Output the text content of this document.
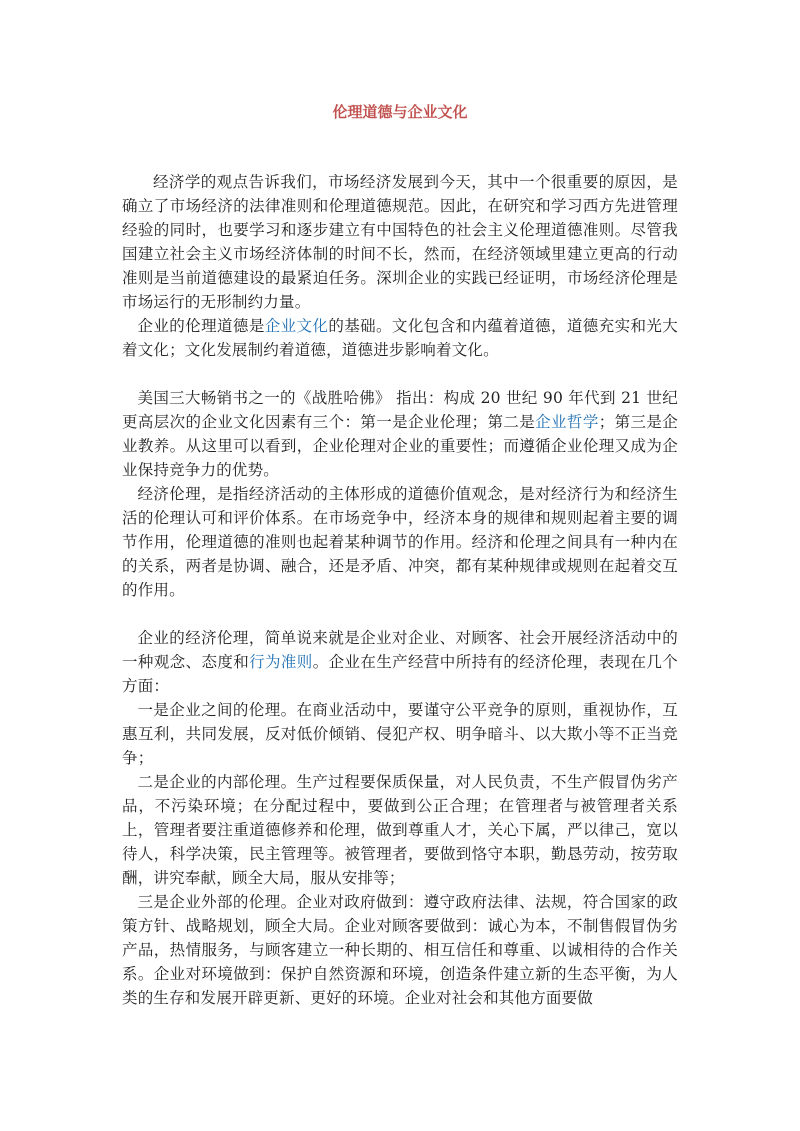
伦理道德与企业文化

经济学的观点告诉我们，市场经济发展到今天，其中一个很重要的原因，是确立了市场经济的法律准则和伦理道德规范。因此，在研究和学习西方先进管理经验的同时，也要学习和逐步建立有中国特色的社会主义伦理道德准则。尽管我国建立社会主义市场经济体制的时间不长，然而，在经济领域里建立更高的行动准则是当前道德建设的最紧迫任务。深圳企业的实践已经证明，市场经济伦理是市场运行的无形制约力量。

企业的伦理道德是企业文化的基础。文化包含和内蕴着道德，道德充实和光大着文化；文化发展制约着道德，道德进步影响着文化。

美国三大畅销书之一的《战胜哈佛》 指出：构成 20 世纪 90 年代到 21 世纪更高层次的企业文化因素有三个：第一是企业伦理；第二是企业哲学；第三是企业教养。从这里可以看到，企业伦理对企业的重要性；而遵循企业伦理又成为企业保持竞争力的优势。

经济伦理，是指经济活动的主体形成的道德价值观念，是对经济行为和经济生活的伦理认可和评价体系。在市场竞争中，经济本身的规律和规则起着主要的调节作用，伦理道德的准则也起着某种调节的作用。经济和伦理之间具有一种内在的关系，两者是协调、融合，还是矛盾、冲突，都有某种规律或规则在起着交互的作用。

企业的经济伦理，简单说来就是企业对企业、对顾客、社会开展经济活动中的一种观念、态度和行为准则。企业在生产经营中所持有的经济伦理，表现在几个方面：

一是企业之间的伦理。在商业活动中，要谨守公平竞争的原则，重视协作，互惠互利，共同发展，反对低价倾销、侵犯产权、明争暗斗、以大欺小等不正当竞争；

二是企业的内部伦理。生产过程要保质保量，对人民负责，不生产假冒伪劣产品，不污染环境；在分配过程中，要做到公正合理；在管理者与被管理者关系上，管理者要注重道德修养和伦理，做到尊重人才，关心下属，严以律己，宽以待人，科学决策，民主管理等。被管理者，要做到恪守本职，勤恳劳动，按劳取酬，讲究奉献，顾全大局，服从安排等；

三是企业外部的伦理。企业对政府做到：遵守政府法律、法规，符合国家的政策方针、战略规划，顾全大局。企业对顾客要做到：诚心为本，不制售假冒伪劣产品，热情服务，与顾客建立一种长期的、相互信任和尊重、以诚相待的合作关系。企业对环境做到：保护自然资源和环境，创造条件建立新的生态平衡，为人类的生存和发展开辟更新、更好的环境。企业对社会和其他方面要做
